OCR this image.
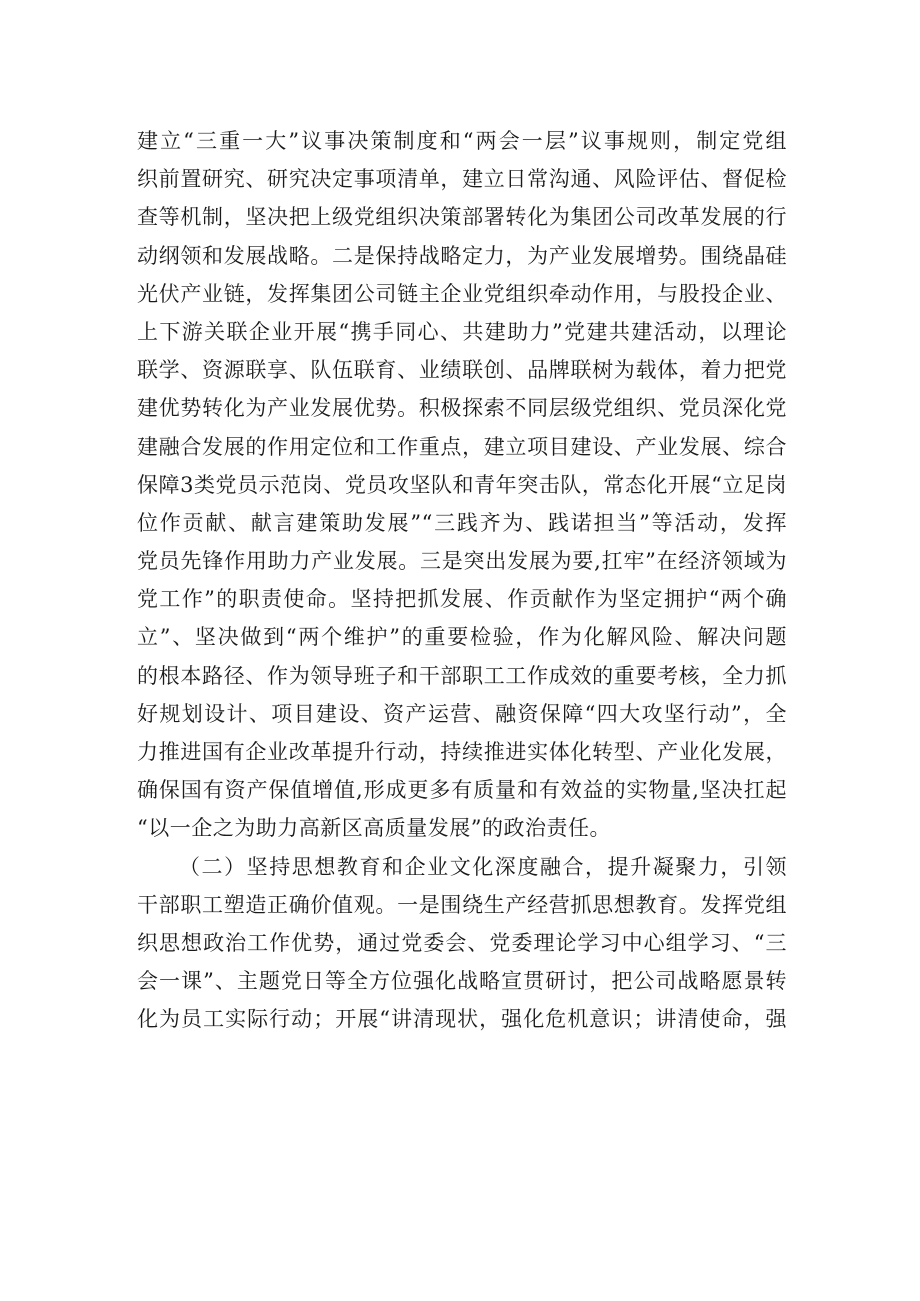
建立“三重一大”议事决策制度和“两会一层”议事规则，制定党组
织前置研究、研究决定事项清单，建立日常沟通、风险评估、督促检
查等机制，坚决把上级党组织决策部署转化为集团公司改革发展的行
动纲领和发展战略。二是保持战略定力，为产业发展增势。围绕晶硅
光伏产业链，发挥集团公司链主企业党组织牵动作用，与股投企业、
上下游关联企业开展“携手同心、共建助力”党建共建活动，以理论
联学、资源联享、队伍联育、业绩联创、品牌联树为载体，着力把党
建优势转化为产业发展优势。积极探索不同层级党组织、党员深化党
建融合发展的作用定位和工作重点，建立项目建设、产业发展、综合
保障3类党员示范岗、党员攻坚队和青年突击队，常态化开展“立足岗
位作贡献、献言建策助发展”“三践齐为、践诺担当”等活动，发挥
党员先锋作用助力产业发展。三是突出发展为要,扛牢”在经济领域为
党工作”的职责使命。坚持把抓发展、作贡献作为坚定拥护“两个确
立”、坚决做到“两个维护”的重要检验，作为化解风险、解决问题
的根本路径、作为领导班子和干部职工工作成效的重要考核，全力抓
好规划设计、项目建设、资产运营、融资保障“四大攻坚行动”，全
力推进国有企业改革提升行动，持续推进实体化转型、产业化发展，
确保国有资产保值增值,形成更多有质量和有效益的实物量,坚决扛起
“以一企之为助力高新区高质量发展”的政治责任。
（二）坚持思想教育和企业文化深度融合，提升凝聚力，引领
干部职工塑造正确价值观。一是围绕生产经营抓思想教育。发挥党组
织思想政治工作优势，通过党委会、党委理论学习中心组学习、“三
会一课”、主题党日等全方位强化战略宣贯研讨，把公司战略愿景转
化为员工实际行动；开展“讲清现状，强化危机意识；讲清使命，强
